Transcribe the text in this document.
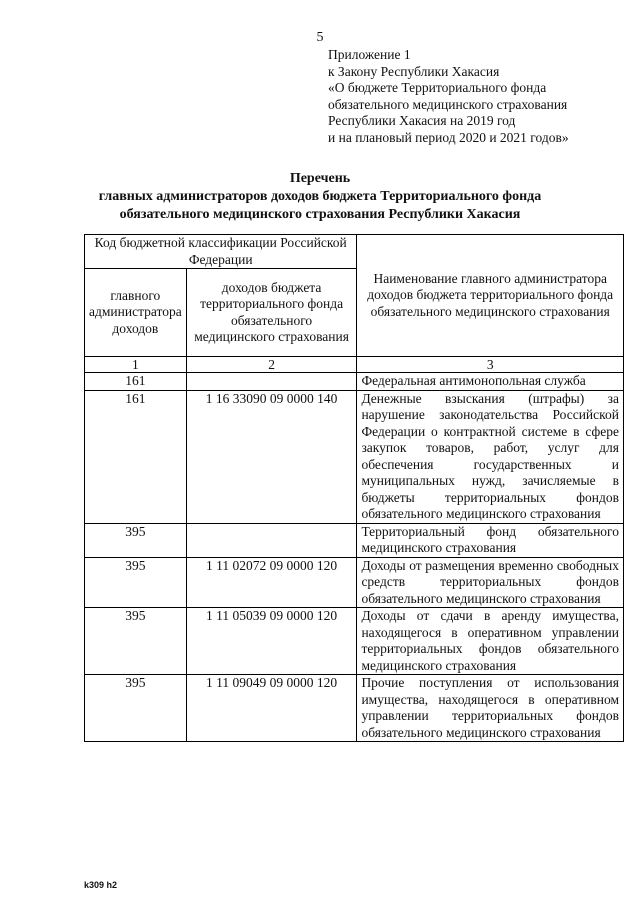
5
Приложение 1
к Закону Республики Хакасия
«О бюджете Территориального фонда
обязательного медицинского страхования
Республики Хакасия на 2019 год
и на плановый период 2020 и 2021 годов»
Перечень
главных администраторов доходов бюджета Территориального фонда
обязательного медицинского страхования Республики Хакасия
Код бюджетной классификации Российской Федерации		Наименование главного администратора доходов бюджета территориального фонда обязательного медицинского страхования
главного администратора доходов	доходов бюджета территориального фонда обязательного медицинского страхования	
1	2	3
161		Федеральная антимонопольная служба
161	1 16 33090 09 0000 140	Денежные взыскания (штрафы) за нарушение законодательства Российской Федерации о контрактной системе в сфере закупок товаров, работ, услуг для обеспечения государственных и муниципальных нужд, зачисляемые в бюджеты территориальных фондов обязательного медицинского страхования
395		Территориальный фонд обязательного медицинского страхования
395	1 11 02072 09 0000 120	Доходы от размещения временно свободных средств территориальных фондов обязательного медицинского страхования
395	1 11 05039 09 0000 120	Доходы от сдачи в аренду имущества, находящегося в оперативном управлении территориальных фондов обязательного медицинского страхования
395	1 11 09049 09 0000 120	Прочие поступления от использования имущества, находящегося в оперативном управлении территориальных фондов обязательного медицинского страхования
k309 h2
